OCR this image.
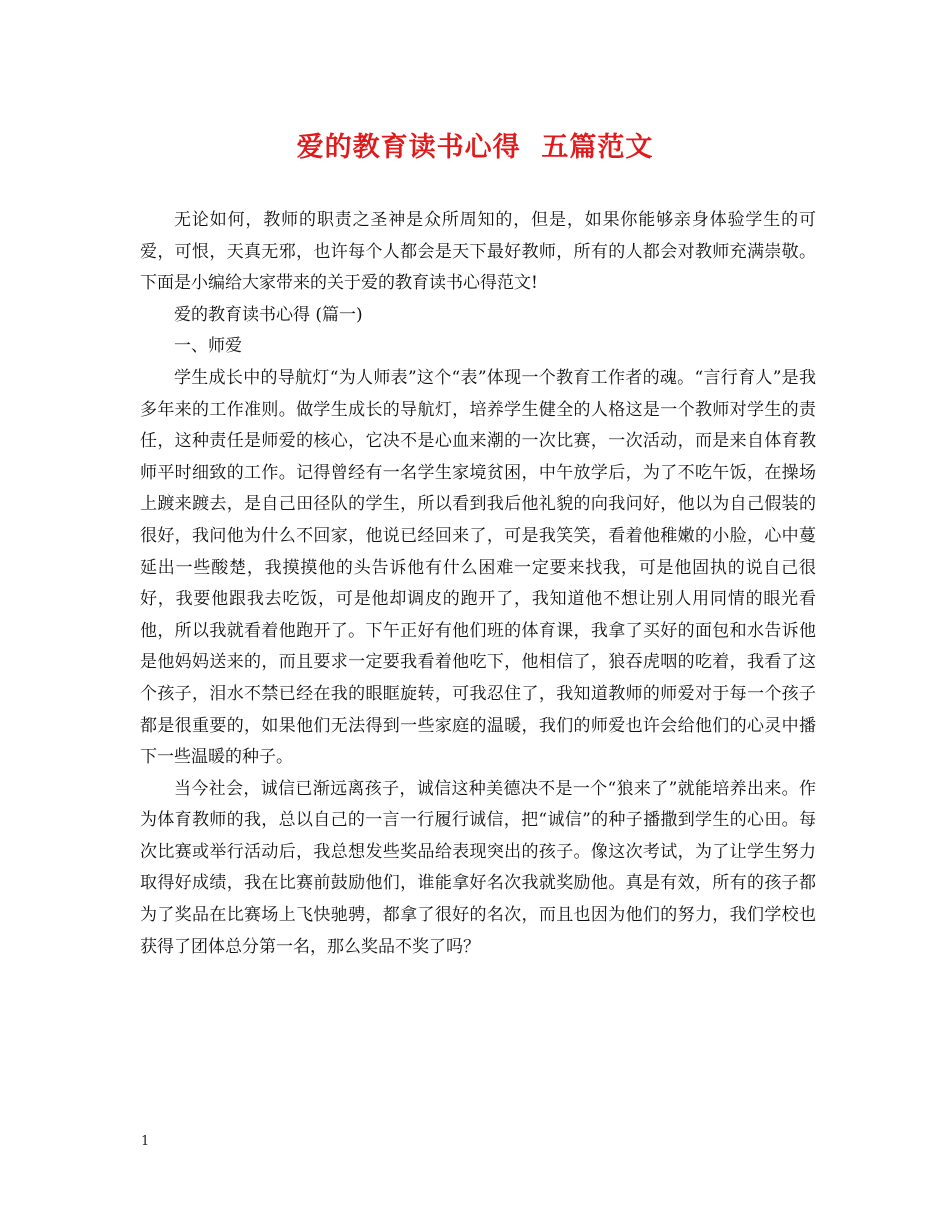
爱的教育读书心得  五篇范文

无论如何，教师的职责之圣神是众所周知的，但是，如果你能够亲身体验学生的可爱，可恨，天真无邪，也许每个人都会是天下最好教师，所有的人都会对教师充满崇敬。下面是小编给大家带来的关于爱的教育读书心得范文!

爱的教育读书心得 (篇一)

一、师爱

学生成长中的导航灯“为人师表”这个“表”体现一个教育工作者的魂。“言行育人”是我多年来的工作准则。做学生成长的导航灯，培养学生健全的人格这是一个教师对学生的责任，这种责任是师爱的核心，它决不是心血来潮的一次比赛，一次活动，而是来自体育教师平时细致的工作。记得曾经有一名学生家境贫困，中午放学后，为了不吃午饭，在操场上踱来踱去，是自己田径队的学生，所以看到我后他礼貌的向我问好，他以为自己假装的很好，我问他为什么不回家，他说已经回来了，可是我笑笑，看着他稚嫩的小脸，心中蔓延出一些酸楚，我摸摸他的头告诉他有什么困难一定要来找我，可是他固执的说自己很好，我要他跟我去吃饭，可是他却调皮的跑开了，我知道他不想让别人用同情的眼光看他，所以我就看着他跑开了。下午正好有他们班的体育课，我拿了买好的面包和水告诉他是他妈妈送来的，而且要求一定要我看着他吃下，他相信了，狼吞虎咽的吃着，我看了这个孩子，泪水不禁已经在我的眼眶旋转，可我忍住了，我知道教师的师爱对于每一个孩子都是很重要的，如果他们无法得到一些家庭的温暖，我们的师爱也许会给他们的心灵中播下一些温暖的种子。

当今社会，诚信已渐远离孩子，诚信这种美德决不是一个“狼来了”就能培养出来。作为体育教师的我，总以自己的一言一行履行诚信，把“诚信”的种子播撒到学生的心田。每次比赛或举行活动后，我总想发些奖品给表现突出的孩子。像这次考试，为了让学生努力取得好成绩，我在比赛前鼓励他们，谁能拿好名次我就奖励他。真是有效，所有的孩子都为了奖品在比赛场上飞快驰骋，都拿了很好的名次，而且也因为他们的努力，我们学校也获得了团体总分第一名，那么奖品不奖了吗？

1
